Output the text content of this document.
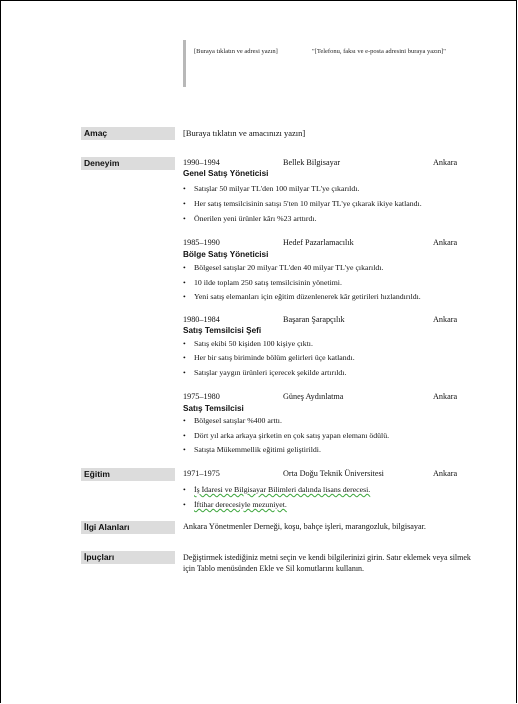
[Buraya tıklatın ve adresi yazın]	"[Telefonu, faksı ve e-posta adresini buraya yazın]"
Amaç	[Buraya tıklatın ve amacınızı yazın]
Deneyim	1990–1994	Bellek Bilgisayar	Ankara
Genel Satış Yöneticisi
• Satışlar 50 milyar TL'den 100 milyar TL'ye çıkarıldı.
• Her satış temsilcisinin satışı 5'ten 10 milyar TL'ye çıkarak ikiye katlandı.
• Önerilen yeni ürünler kârı %23 arttırdı.
1985–1990	Hedef Pazarlamacılık	Ankara
Bölge Satış Yöneticisi
• Bölgesel satışlar 20 milyar TL'den 40 milyar TL'ye çıkarıldı.
• 10 ilde toplam 250 satış temsilcisinin yönetimi.
• Yeni satış elemanları için eğitim düzenlenerek kâr getirileri hızlandırıldı.
1980–1984	Başaran Şarapçılık	Ankara
Satış Temsilcisi Şefi
• Satış ekibi 50 kişiden 100 kişiye çıktı.
• Her bir satış biriminde bölüm gelirleri üçe katlandı.
• Satışlar yaygın ürünleri içerecek şekilde artırıldı.
1975–1980	Güneş Aydınlatma	Ankara
Satış Temsilcisi
• Bölgesel satışlar %400 arttı.
• Dört yıl arka arkaya şirketin en çok satış yapan elemanı ödülü.
• Satışta Mükemmellik eğitimi geliştirildi.
Eğitim	1971–1975	Orta Doğu Teknik Üniversitesi	Ankara
• İş İdaresi ve Bilgisayar Bilimleri dalında lisans derecesi.
• İftihar derecesiyle mezuniyet.
İlgi Alanları	Ankara Yönetmenler Derneği, koşu, bahçe işleri, marangozluk, bilgisayar.
İpuçları	Değiştirmek istediğiniz metni seçin ve kendi bilgilerinizi girin. Satır eklemek veya silmek için Tablo menüsünden Ekle ve Sil komutlarını kullanın.
